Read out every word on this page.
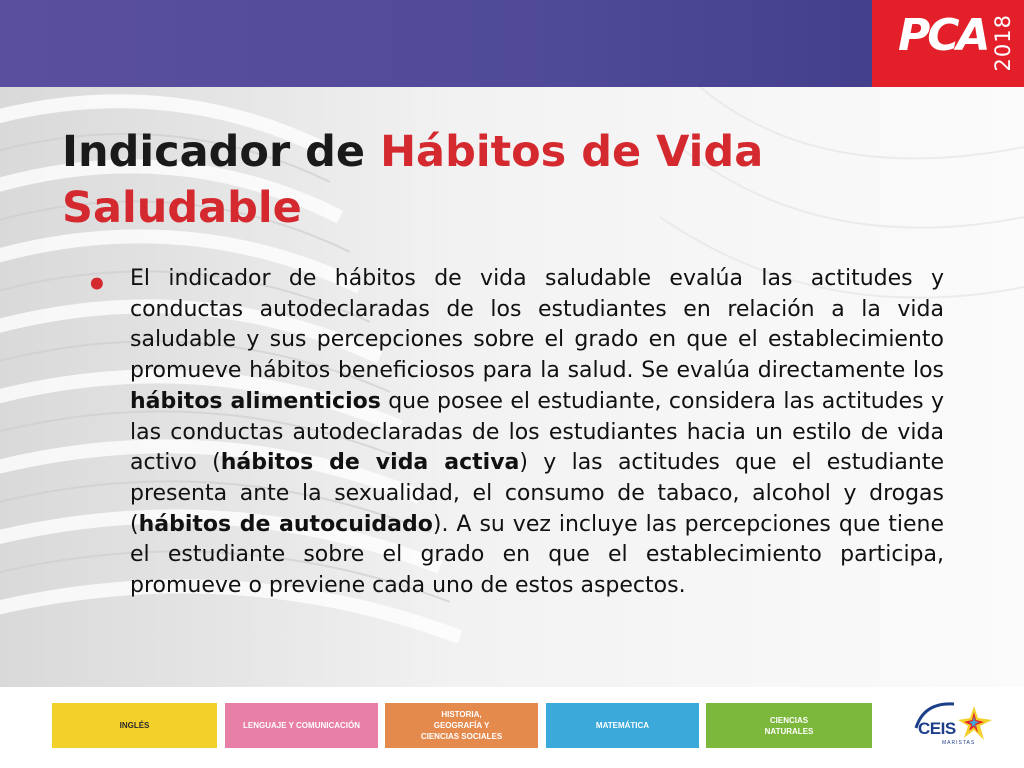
PCA 2018
Indicador de Hábitos de Vida Saludable
• El indicador de hábitos de vida saludable evalúa las actitudes y conductas autodeclaradas de los estudiantes en relación a la vida saludable y sus percepciones sobre el grado en que el establecimiento promueve hábitos beneficiosos para la salud. Se evalúa directamente los hábitos alimenticios que posee el estudiante, considera las actitudes y las conductas autodeclaradas de los estudiantes hacia un estilo de vida activo (hábitos de vida activa) y las actitudes que el estudiante presenta ante la sexualidad, el consumo de tabaco, alcohol y drogas (hábitos de autocuidado). A su vez incluye las percepciones que tiene el estudiante sobre el grado en que el establecimiento participa, promueve o previene cada uno de estos aspectos.

INGLÉS	LENGUAJE Y COMUNICACIÓN
HISTORIA,
GEOGRAFÍA Y
CIENCIAS SOCIALES
MATEMÁTICA
CIENCIAS
NATURALES	CEIS
MARISTAS
